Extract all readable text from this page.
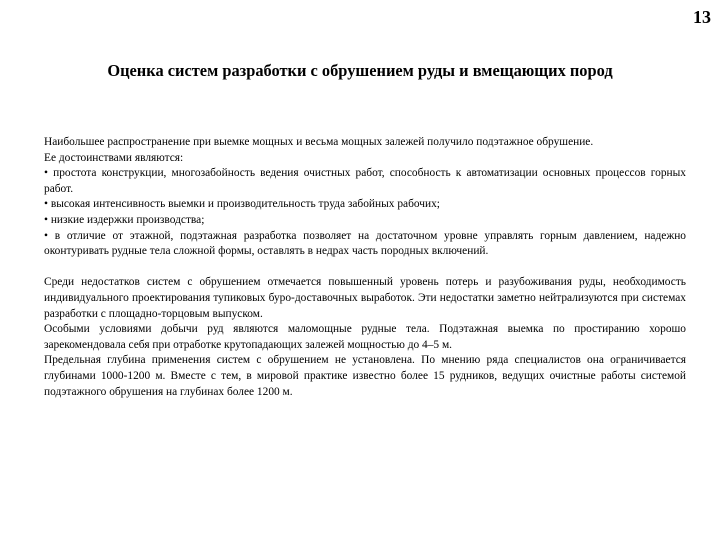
13
Оценка систем разработки с обрушением руды и вмещающих пород

Наибольшее распространение при выемке мощных и весьма мощных залежей получило подэтажное обрушение.

Ее достоинствами являются:

• простота конструкции, многозабойность ведения очистных работ, способность к автоматизации основных процессов горных работ.

• высокая интенсивность выемки и производительность труда забойных рабочих;

• низкие издержки производства;

• в отличие от этажной, подэтажная разработка позволяет на достаточном уровне управлять горным давлением, надежно оконтуривать рудные тела сложной формы, оставлять в недрах часть породных включений.

Среди недостатков систем с обрушением отмечается повышенный уровень потерь и разубоживания руды, необходимость индивидуального проектирования тупиковых буро-доставочных выработок. Эти недостатки заметно нейтрализуются при системах разработки с площадно-торцовым выпуском.

Особыми условиями добычи руд являются маломощные рудные тела. Подэтажная выемка по простиранию хорошо зарекомендовала себя при отработке крутопадающих залежей мощностью до 4–5 м.

Предельная глубина применения систем с обрушением не установлена. По мнению ряда специалистов она ограничивается глубинами 1000-1200 м. Вместе с тем, в мировой практике известно более 15 рудников, ведущих очистные работы системой подэтажного обрушения на глубинах более 1200 м.
